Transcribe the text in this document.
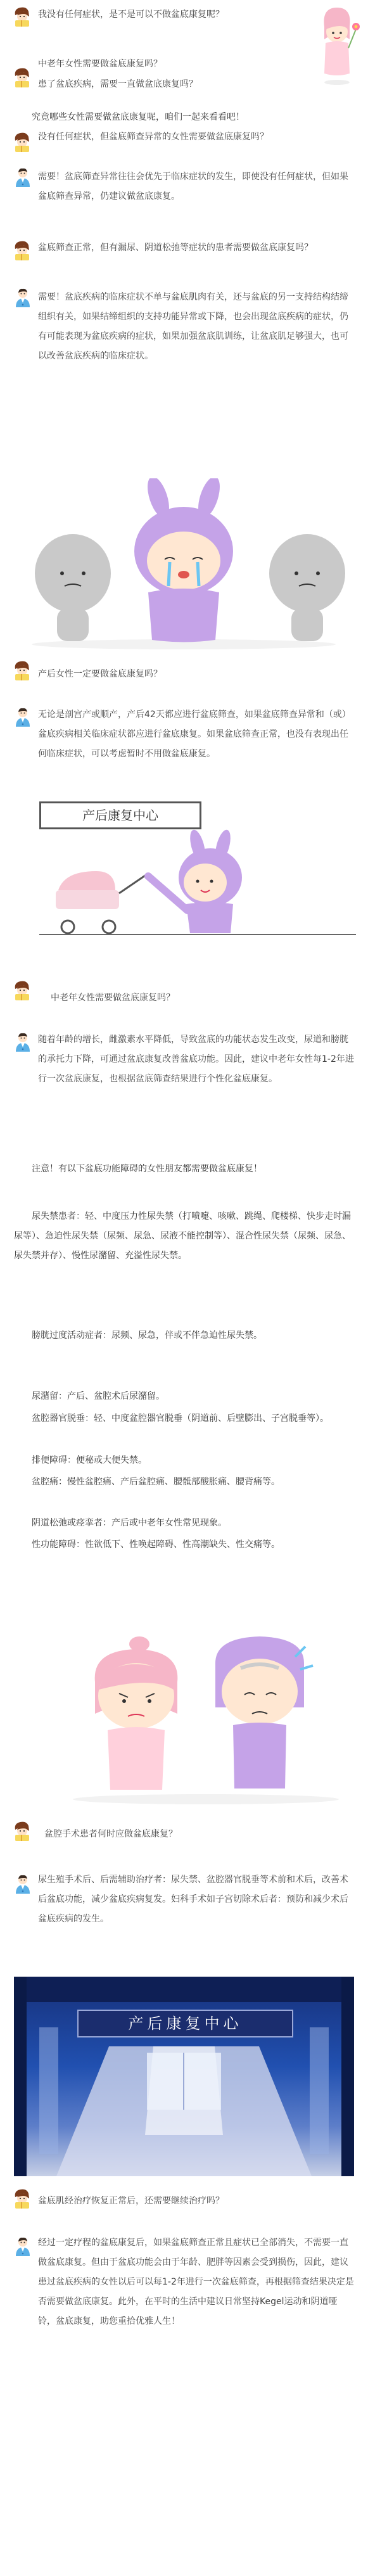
我没有任何症状，是不是可以不做盆底康复呢？

中老年女性需要做盆底康复吗？

患了盆底疾病，需要一直做盆底康复吗？

究竟哪些女性需要做盆底康复呢，咱们一起来看看吧！

没有任何症状，但盆底筛查异常的女性需要做盆底康复吗？

需要！盆底筛查异常往往会优先于临床症状的发生，即使没有任何症状，但如果盆底筛查异常，仍建议做盆底康复。

盆底筛查正常，但有漏尿、阴道松弛等症状的患者需要做盆底康复吗？

需要！盆底疾病的临床症状不单与盆底肌肉有关，还与盆底的另一支持结构结缔组织有关，如果结缔组织的支持功能异常或下降，也会出现盆底疾病的症状，仍有可能表现为盆底疾病的症状，如果加强盆底肌训练，让盆底肌足够强大，也可以改善盆底疾病的临床症状。

产后女性一定要做盆底康复吗？

无论是剖宫产或顺产，产后42天都应进行盆底筛查，如果盆底筛查异常和（或）盆底疾病相关临床症状都应进行盆底康复。如果盆底筛查正常，也没有表现出任何临床症状，可以考虑暂时不用做盆底康复。

产后康复中心

中老年女性需要做盆底康复吗？

随着年龄的增长，雌激素水平降低，导致盆底的功能状态发生改变，尿道和膀胱的承托力下降，可通过盆底康复改善盆底功能。因此，建议中老年女性每1-2年进行一次盆底康复，也根据盆底筛查结果进行个性化盆底康复。

注意！有以下盆底功能障碍的女性朋友都需要做盆底康复！

尿失禁患者：轻、中度压力性尿失禁（打喷嚏、咳嗽、跳绳、爬楼梯、快步走时漏尿等）、急迫性尿失禁（尿频、尿急、尿液不能控制等）、混合性尿失禁（尿频、尿急、尿失禁并存）、慢性尿潴留、充溢性尿失禁。

膀胱过度活动症者：尿频、尿急，伴或不伴急迫性尿失禁。

尿潴留：产后、盆腔术后尿潴留。

盆腔器官脱垂：轻、中度盆腔器官脱垂（阴道前、后壁膨出、子宫脱垂等）。

排便障碍：便秘或大便失禁。

盆腔痛：慢性盆腔痛、产后盆腔痛、腰骶部酸胀痛、腰背痛等。

阴道松弛或痉挛者：产后或中老年女性常见现象。

性功能障碍：性欲低下、性唤起障碍、性高潮缺失、性交痛等。

盆腔手术患者何时应做盆底康复？

尿生殖手术后、后需辅助治疗者：尿失禁、盆腔器官脱垂等术前和术后，改善术后盆底功能，减少盆底疾病复发。妇科手术如子宫切除术后者：预防和减少术后盆底疾病的发生。

产后康复中心

盆底肌经治疗恢复正常后，还需要继续治疗吗？

经过一定疗程的盆底康复后，如果盆底筛查正常且症状已全部消失，不需要一直做盆底康复。但由于盆底功能会由于年龄、肥胖等因素会受到损伤，因此，建议患过盆底疾病的女性以后可以每1-2年进行一次盆底筛查，再根据筛查结果决定是否需要做盆底康复。此外，在平时的生活中建议日常坚持Kegel运动和阴道哑铃，盆底康复，助您重拾优雅人生！
